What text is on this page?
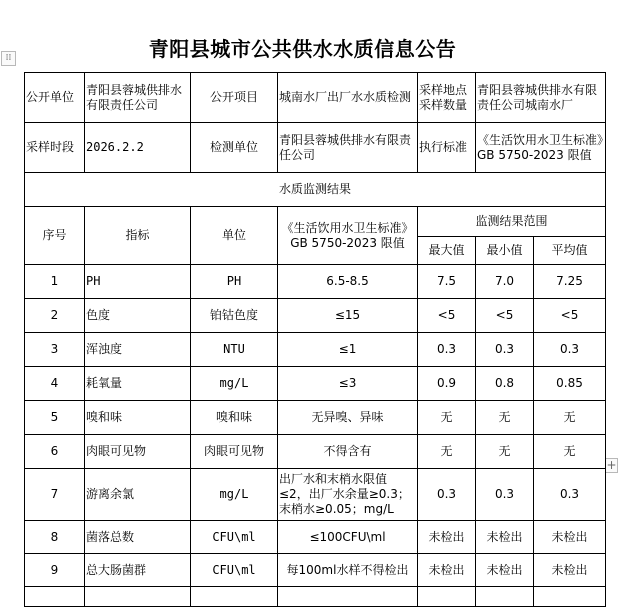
⁞⁞
+
青阳县城市公共供水水质信息公告
公开单位	青阳县蓉城供排水有限责任公司	公开项目	城南水厂出厂水水质检测	采样地点采样数量	青阳县蓉城供排水有限责任公司城南水厂	
采样时段	2026.2.2	检测单位	青阳县蓉城供排水有限责任公司	执行标准	《生活饮用水卫生标准》GB 5750-2023 限值	
水质监测结果						
序号	指标	单位	《生活饮用水卫生标准》GB 5750-2023 限值	监测结果范围		
				最大值	最小值	平均值
1	PH	PH	6.5-8.5	7.5	7.0	7.25
2	色度	铂钴色度	≤15	<5	<5	<5
3	浑浊度	NTU	≤1	0.3	0.3	0.3
4	耗氧量	mg/L	≤3	0.9	0.8	0.85
5	嗅和味	嗅和味	无异嗅、异味	无	无	无
6	肉眼可见物	肉眼可见物	不得含有	无	无	无
7	游离余氯	mg/L	出厂水和末梢水限值≤2，出厂水余量≥0.3；末梢水≥0.05；mg/L	0.3	0.3	0.3
8	菌落总数	CFU\ml	≤100CFU\ml	未检出	未检出	未检出
9	总大肠菌群	CFU\ml	每100ml水样不得检出	未检出	未检出	未检出
